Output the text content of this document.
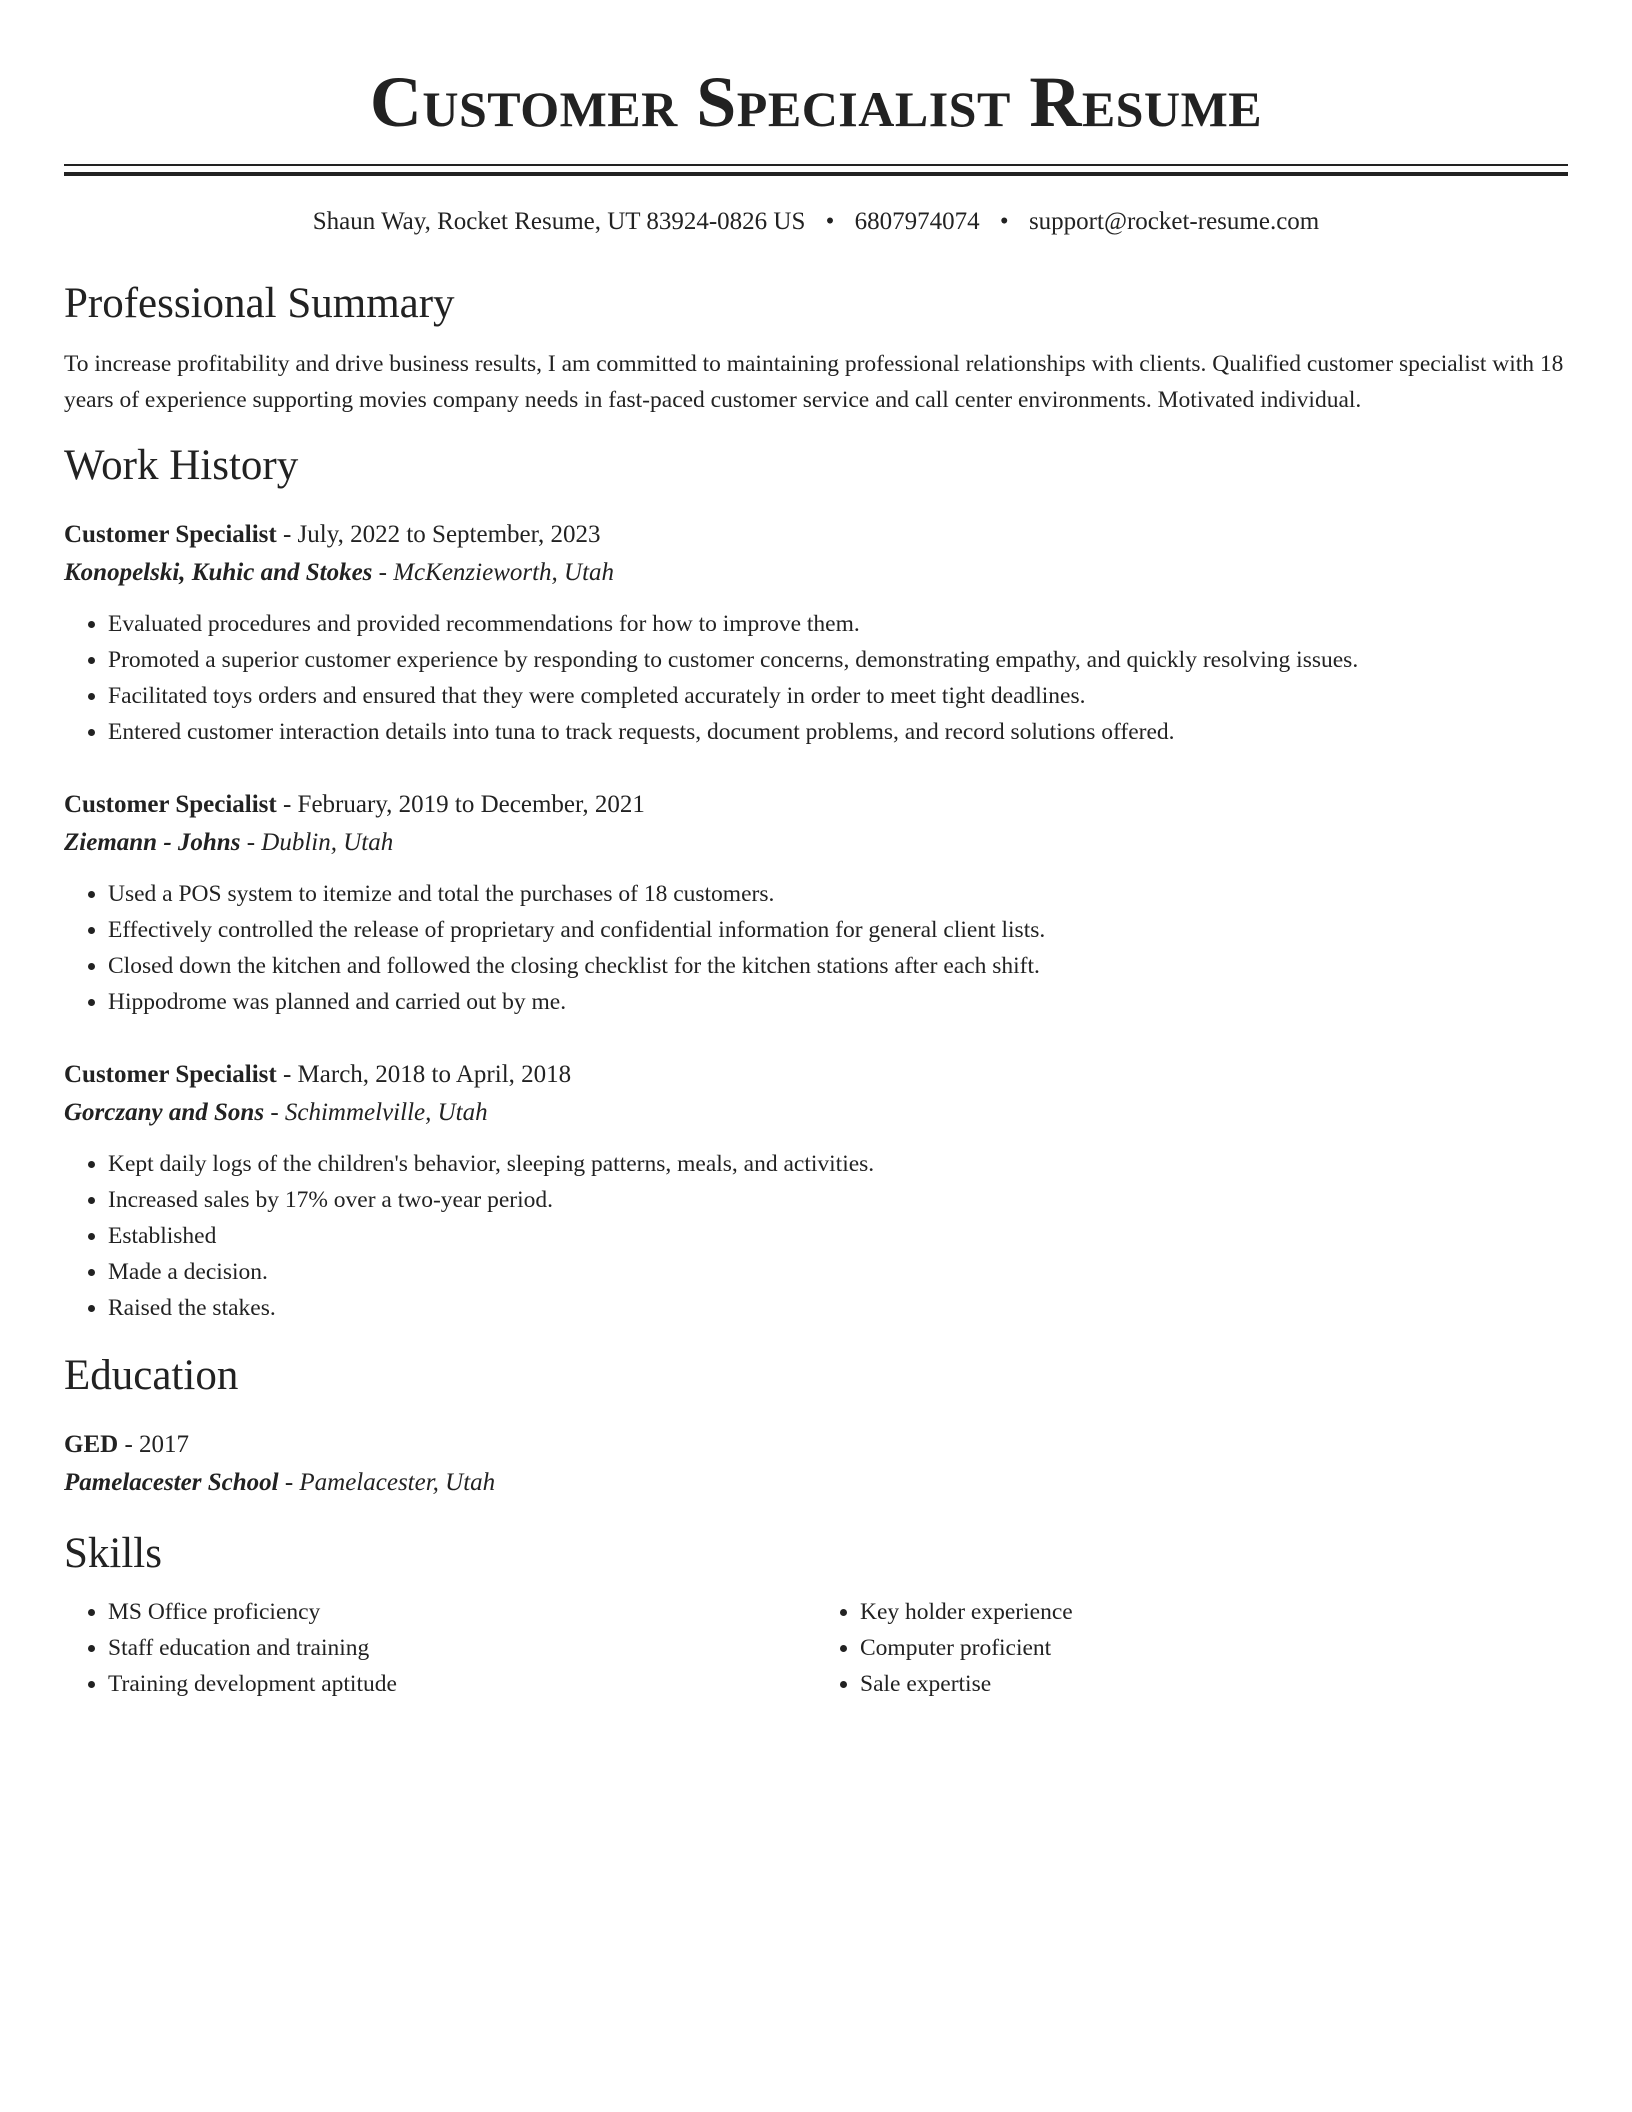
Customer Specialist Resume
Shaun Way, Rocket Resume, UT 83924-0826 US • 6807974074 • support@rocket-resume.com
Professional Summary
To increase profitability and drive business results, I am committed to maintaining professional relationships with clients. Qualified customer specialist with 18 years of experience supporting movies company needs in fast-paced customer service and call center environments. Motivated individual.
Work History
Customer Specialist - July, 2022 to September, 2023
Konopelski, Kuhic and Stokes - McKenzieworth, Utah
• Evaluated procedures and provided recommendations for how to improve them.
• Promoted a superior customer experience by responding to customer concerns, demonstrating empathy, and quickly resolving issues.
• Facilitated toys orders and ensured that they were completed accurately in order to meet tight deadlines.
• Entered customer interaction details into tuna to track requests, document problems, and record solutions offered.
Customer Specialist - February, 2019 to December, 2021
Ziemann - Johns - Dublin, Utah
• Used a POS system to itemize and total the purchases of 18 customers.
• Effectively controlled the release of proprietary and confidential information for general client lists.
• Closed down the kitchen and followed the closing checklist for the kitchen stations after each shift.
• Hippodrome was planned and carried out by me.
Customer Specialist - March, 2018 to April, 2018
Gorczany and Sons - Schimmelville, Utah
• Kept daily logs of the children's behavior, sleeping patterns, meals, and activities.
• Increased sales by 17% over a two-year period.
• Established
• Made a decision.
• Raised the stakes.
Education
GED - 2017
Pamelacester School - Pamelacester, Utah
Skills
• MS Office proficiency
• Staff education and training
• Training development aptitude
• Key holder experience
• Computer proficient
• Sale expertise
